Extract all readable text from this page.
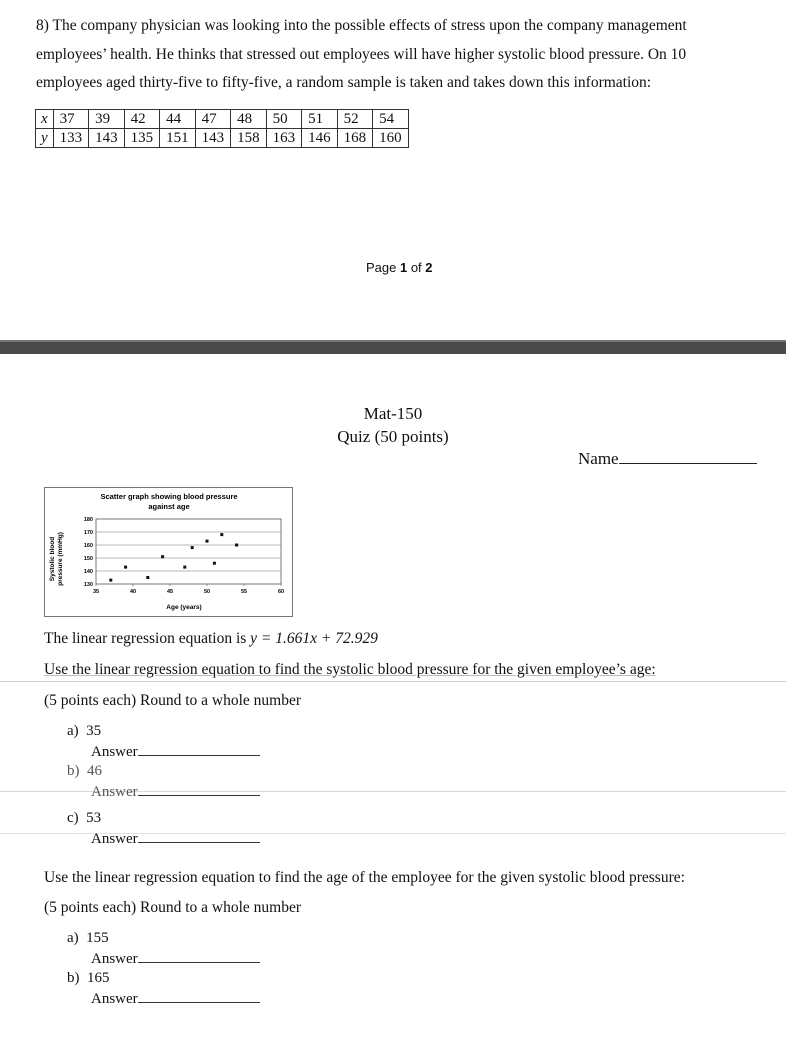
8) The company physician was looking into the possible effects of stress upon the company management
employees’ health. He thinks that stressed out employees will have higher systolic blood pressure. On 10
employees aged thirty-five to fifty-five, a random sample is taken and takes down this information:
x	37	39	42	44	47	48	50	51	52	54
y	133	143	135	151	143	158	163	146	168	160
Page 1 of 2
Mat-150
Quiz (50 points)
Name
Scatter graph showing blood pressure
against age
Systolic blood pressure (mmHg)
Age (years)
130
140
150
160
170
180
35	40	45	50	55	60
The linear regression equation is y = 1.661x + 72.929
Use the linear regression equation to find the systolic blood pressure for the given employee’s age:
(5 points each) Round to a whole number
a) 35
Answer
b) 46
Answer
c) 53
Answer
Use the linear regression equation to find the age of the employee for the given systolic blood pressure:
(5 points each) Round to a whole number
a) 155
Answer
b) 165
Answer
